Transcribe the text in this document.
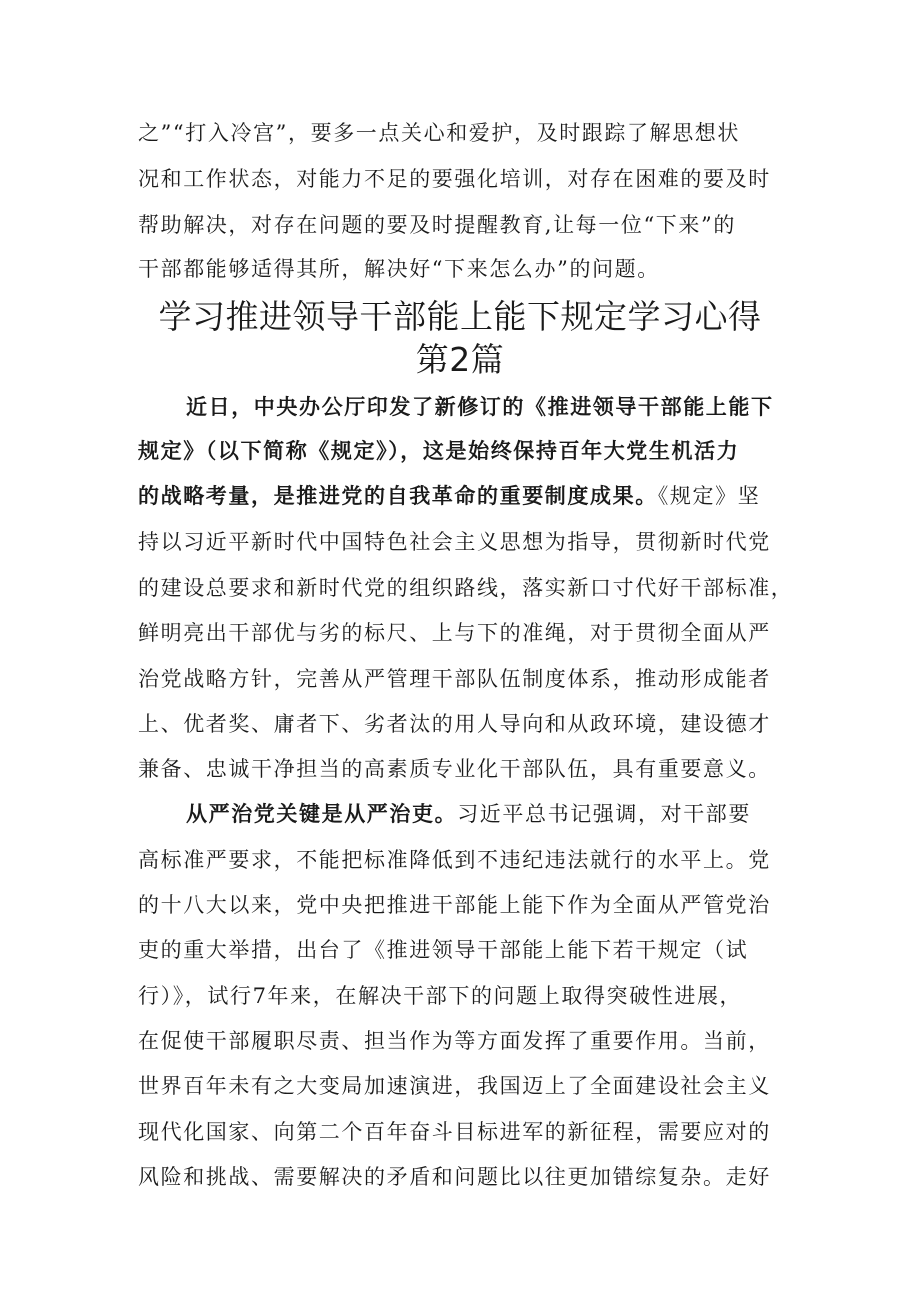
之”“打入冷宫”，要多一点关心和爱护，及时跟踪了解思想状
况和工作状态，对能力不足的要强化培训，对存在困难的要及时
帮助解决，对存在问题的要及时提醒教育,让每一位“下来”的
干部都能够适得其所，解决好“下来怎么办”的问题。
学习推进领导干部能上能下规定学习心得
第2篇
近日，中央办公厅印发了新修订的《推进领导干部能上能下
规定》（以下简称《规定》），这是始终保持百年大党生机活力
的战略考量，是推进党的自我革命的重要制度成果。《规定》坚
持以习近平新时代中国特色社会主义思想为指导，贯彻新时代党
的建设总要求和新时代党的组织路线，落实新口寸代好干部标准，
鲜明亮出干部优与劣的标尺、上与下的准绳，对于贯彻全面从严
治党战略方针，完善从严管理干部队伍制度体系，推动形成能者
上、优者奖、庸者下、劣者汰的用人导向和从政环境，建设德才
兼备、忠诚干净担当的高素质专业化干部队伍，具有重要意义。
从严治党关键是从严治吏。习近平总书记强调，对干部要
高标准严要求，不能把标准降低到不违纪违法就行的水平上。党
的十八大以来，党中央把推进干部能上能下作为全面从严管党治
吏的重大举措，出台了《推进领导干部能上能下若干规定（试
行）》，试行7年来，在解决干部下的问题上取得突破性进展，
在促使干部履职尽责、担当作为等方面发挥了重要作用。当前，
世界百年未有之大变局加速演进，我国迈上了全面建设社会主义
现代化国家、向第二个百年奋斗目标进军的新征程，需要应对的
风险和挑战、需要解决的矛盾和问题比以往更加错综复杂。走好
